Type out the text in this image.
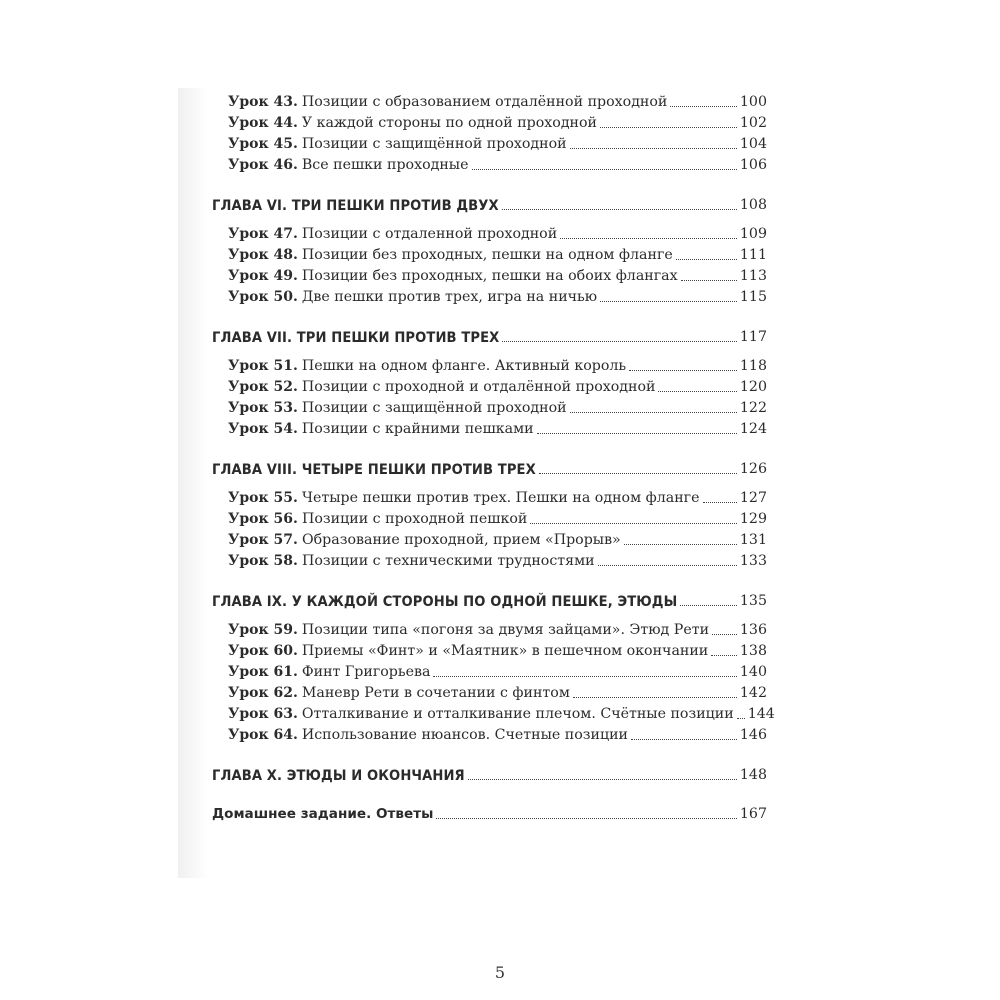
Урок 43. Позиции с образованием отдалённой проходной	100
Урок 44. У каждой стороны по одной проходной	102
Урок 45. Позиции с защищённой проходной	104
Урок 46. Все пешки проходные	106
ГЛАВА VI. ТРИ ПЕШКИ ПРОТИВ ДВУХ	108
Урок 47. Позиции с отдаленной проходной	109
Урок 48. Позиции без проходных, пешки на одном фланге	111
Урок 49. Позиции без проходных, пешки на обоих флангах	113
Урок 50. Две пешки против трех, игра на ничью	115
ГЛАВА VII. ТРИ ПЕШКИ ПРОТИВ ТРЕХ	117
Урок 51. Пешки на одном фланге. Активный король	118
Урок 52. Позиции с проходной и отдалённой проходной	120
Урок 53. Позиции с защищённой проходной	122
Урок 54. Позиции с крайними пешками	124
ГЛАВА VIII. ЧЕТЫРЕ ПЕШКИ ПРОТИВ ТРЕХ	126
Урок 55. Четыре пешки против трех. Пешки на одном фланге	127
Урок 56. Позиции с проходной пешкой	129
Урок 57. Образование проходной, прием «Прорыв»	131
Урок 58. Позиции с техническими трудностями	133
ГЛАВА IX. У КАЖДОЙ СТОРОНЫ ПО ОДНОЙ ПЕШКЕ, ЭТЮДЫ	135
Урок 59. Позиции типа «погоня за двумя зайцами». Этюд Рети 136
Урок 60. Приемы «Финт» и «Маятник» в пешечном окончании 138
Урок 61. Финт Григорьева	140
Урок 62. Маневр Рети в сочетании с финтом	142
Урок 63. Отталкивание и отталкивание плечом. Счётные позиции 144
Урок 64. Использование нюансов. Счетные позиции	146
ГЛАВА X. ЭТЮДЫ И ОКОНЧАНИЯ	148
Домашнее задание. Ответы	167
5
